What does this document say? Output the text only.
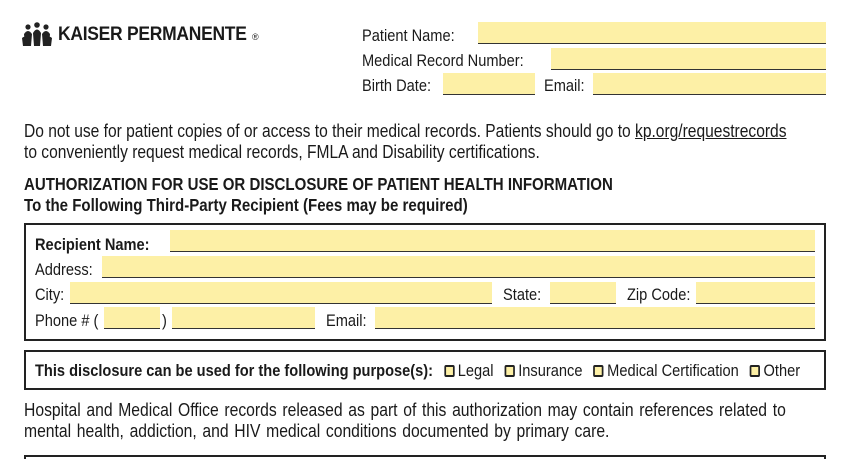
KAISER PERMANENTE ®	Patient Name:
Medical Record Number:
Birth Date:	Email:
Do not use for patient copies of or access to their medical records. Patients should go to kp.org/requestrecords
to conveniently request medical records, FMLA and Disability certifications.
AUTHORIZATION FOR USE OR DISCLOSURE OF PATIENT HEALTH INFORMATION
To the Following Third-Party Recipient (Fees may be required)
Recipient Name:
Address:
City:	State:	Zip Code:
Phone # (	)	Email:
This disclosure can be used for the following purpose(s): Legal Insurance Medical Certification Other
Hospital and Medical Office records released as part of this authorization may contain references related to
mental health, addiction, and HIV medical conditions documented by primary care.
